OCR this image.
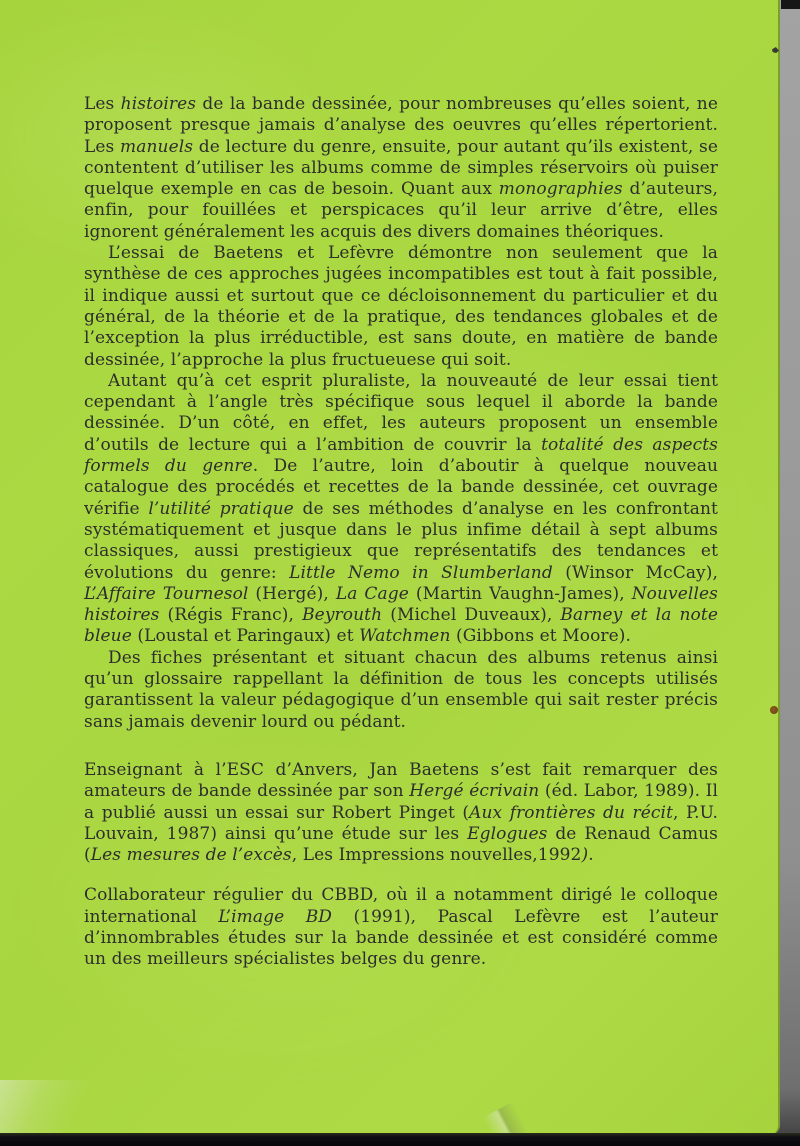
Les histoires de la bande dessinée, pour nombreuses qu’elles soient, ne proposent presque jamais d’analyse des oeuvres qu’elles répertorient. Les manuels de lecture du genre, ensuite, pour autant qu’ils existent, se contentent d’utiliser les albums comme de simples réservoirs où puiser quelque exemple en cas de besoin. Quant aux monographies d’auteurs, enfin, pour fouillées et perspicaces qu’il leur arrive d’être, elles ignorent généralement les acquis des divers domaines théoriques.

L’essai de Baetens et Lefèvre démontre non seulement que la synthèse de ces approches jugées incompatibles est tout à fait possible, il indique aussi et surtout que ce décloisonnement du particulier et du général, de la théorie et de la pratique, des tendances globales et de l’exception la plus irréductible, est sans doute, en matière de bande dessinée, l’approche la plus fructueuese qui soit.

Autant qu’à cet esprit pluraliste, la nouveauté de leur essai tient cependant à l’angle très spécifique sous lequel il aborde la bande dessinée. D’un côté, en effet, les auteurs proposent un ensemble d’outils de lecture qui a l’ambition de couvrir la totalité des aspects formels du genre. De l’autre, loin d’aboutir à quelque nouveau catalogue des procédés et recettes de la bande dessinée, cet ouvrage vérifie l’utilité pratique de ses méthodes d’analyse en les confrontant systématiquement et jusque dans le plus infime détail à sept albums classiques, aussi prestigieux que représentatifs des tendances et évolutions du genre: Little Nemo in Slumberland (Winsor McCay), L’Affaire Tournesol (Hergé), La Cage (Martin Vaughn-James), Nouvelles histoires (Régis Franc), Beyrouth (Michel Duveaux), Barney et la note bleue (Loustal et Paringaux) et Watchmen (Gibbons et Moore).

Des fiches présentant et situant chacun des albums retenus ainsi qu’un glossaire rappellant la définition de tous les concepts utilisés garantissent la valeur pédagogique d’un ensemble qui sait rester précis sans jamais devenir lourd ou pédant.

Enseignant à l’ESC d’Anvers, Jan Baetens s’est fait remarquer des amateurs de bande dessinée par son Hergé écrivain (éd. Labor, 1989). Il a publié aussi un essai sur Robert Pinget (Aux frontières du récit, P.U. Louvain, 1987) ainsi qu’une étude sur les Eglogues de Renaud Camus (Les mesures de l’excès, Les Impressions nouvelles,1992).

Collaborateur régulier du CBBD, où il a notamment dirigé le colloque international L’image BD (1991), Pascal Lefèvre est l’auteur d’innombrables études sur la bande dessinée et est considéré comme un des meilleurs spécialistes belges du genre.
